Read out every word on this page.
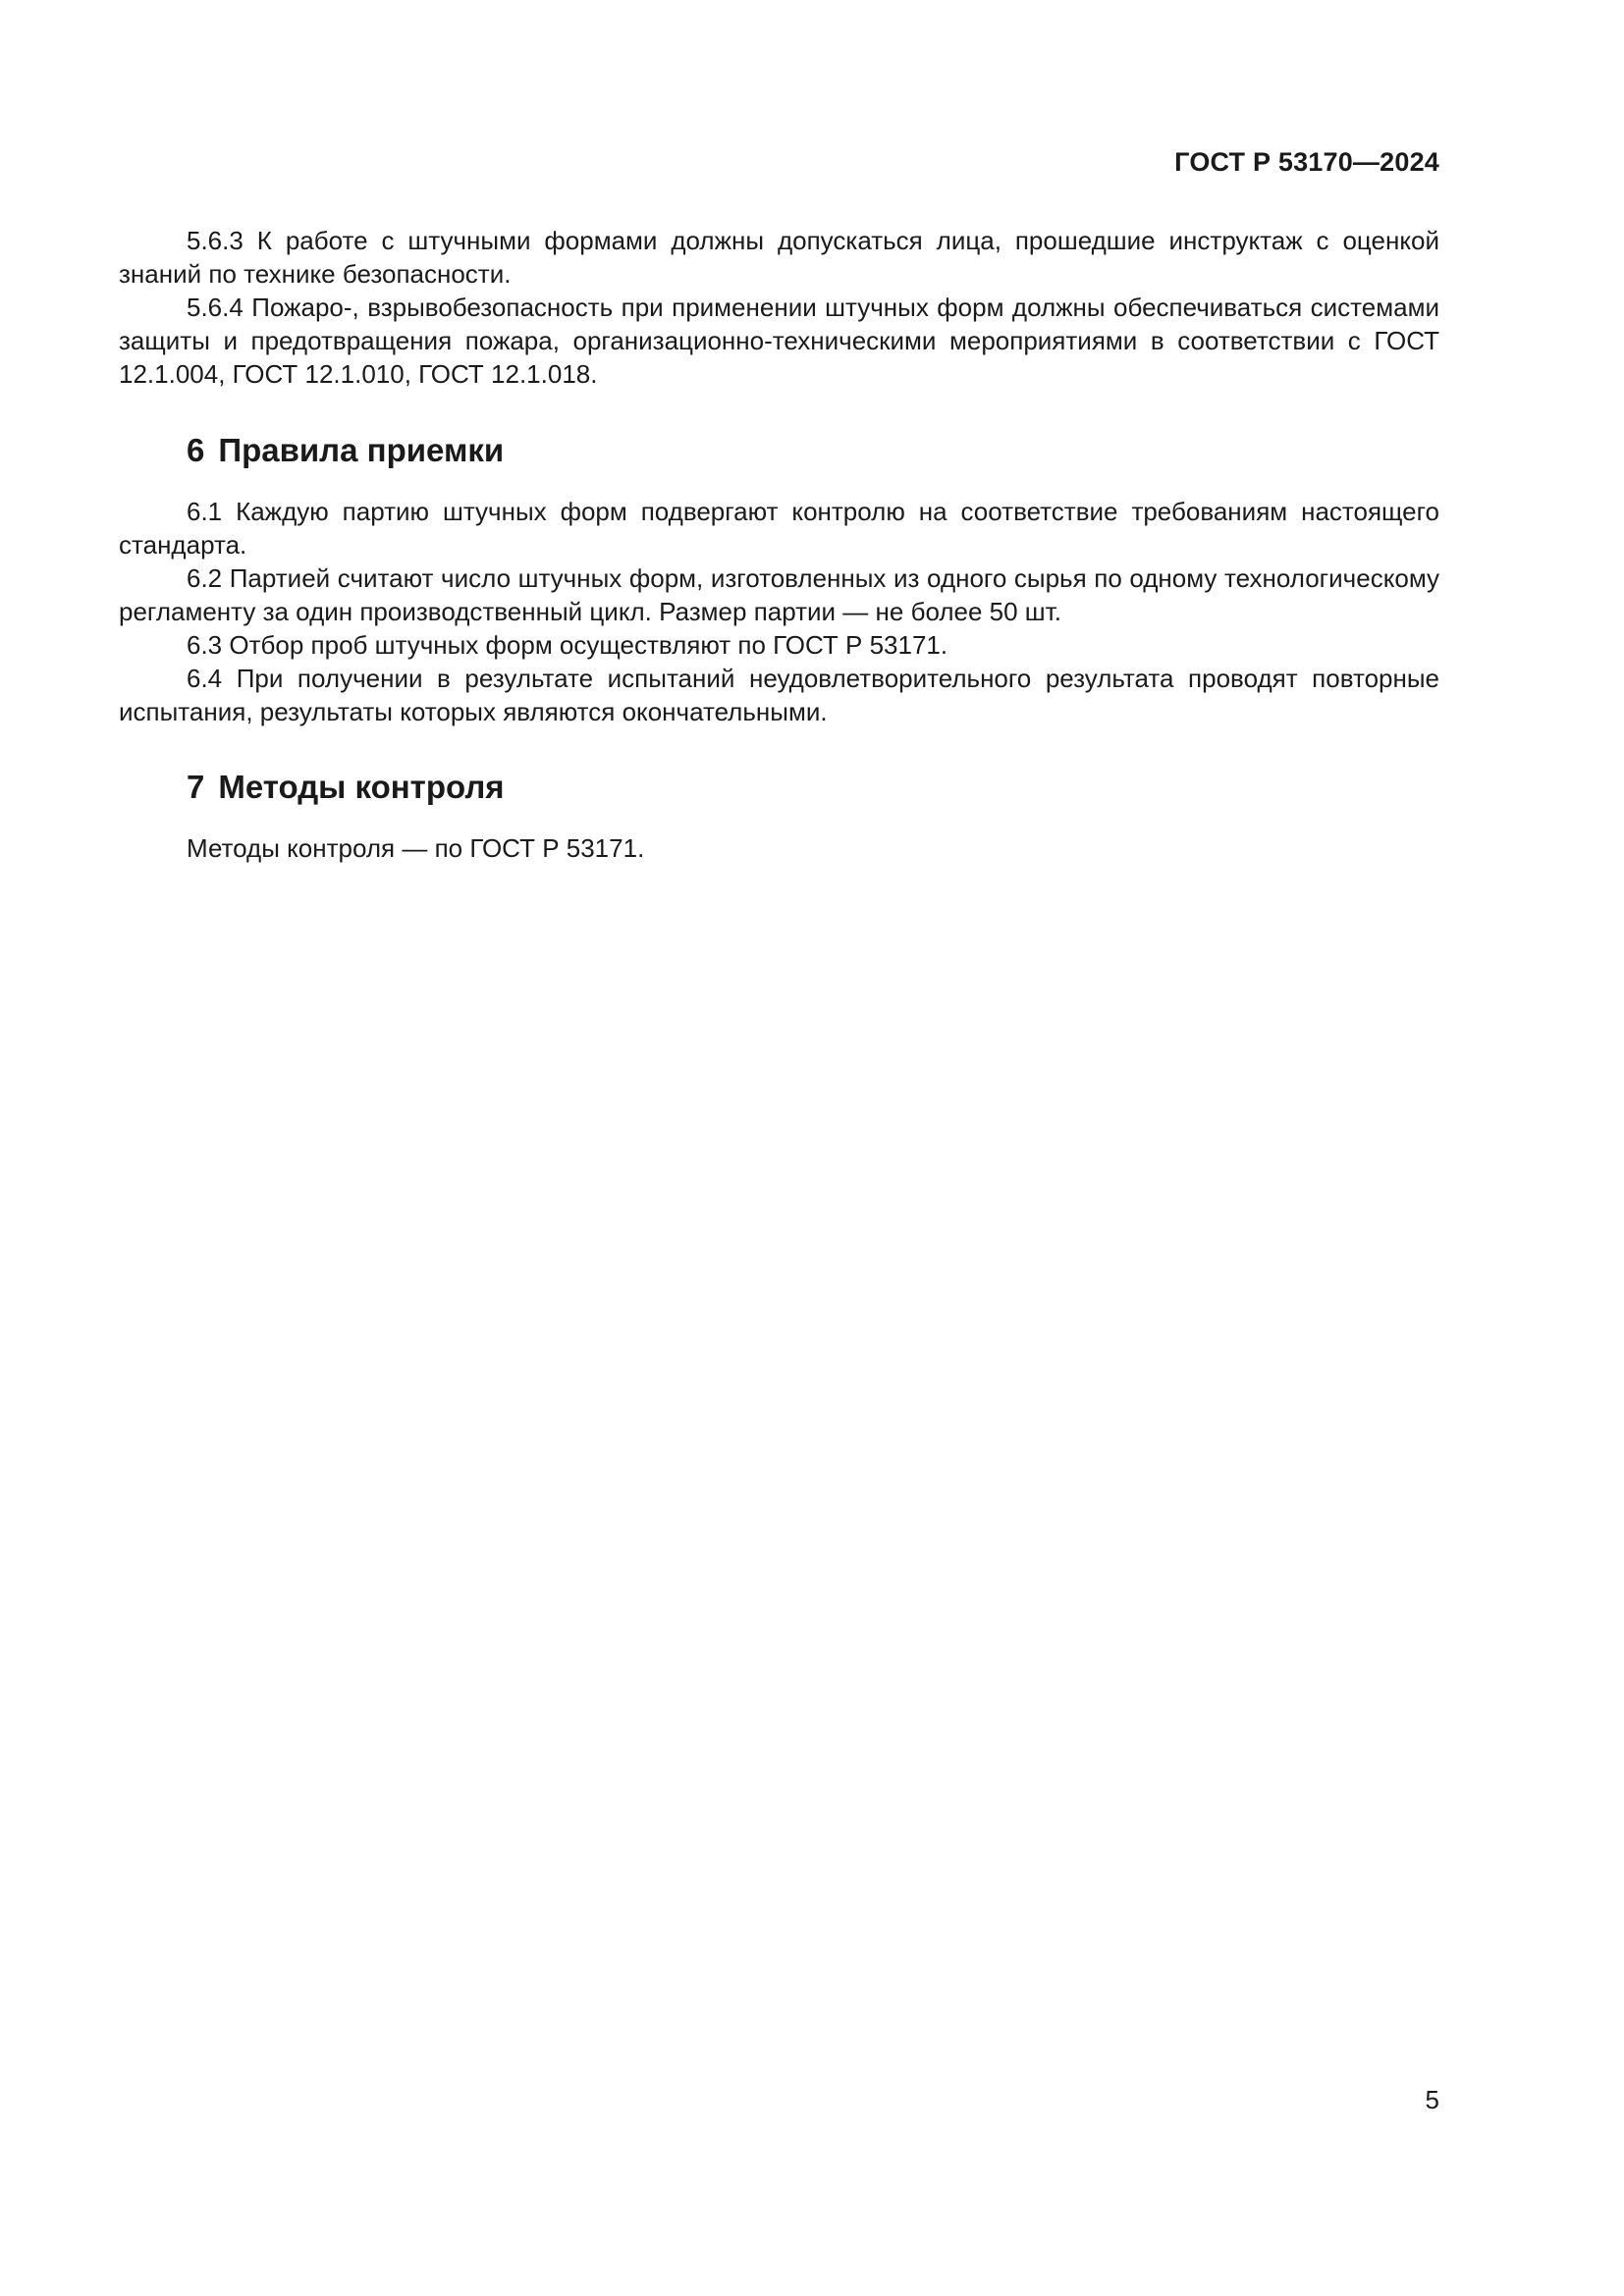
ГОСТ Р 53170—2024

5.6.3 К работе с штучными формами должны допускаться лица, прошедшие инструктаж с оценкой знаний по технике безопасности.

5.6.4 Пожаро-, взрывобезопасность при применении штучных форм должны обеспечиваться системами защиты и предотвращения пожара, организационно-техническими мероприятиями в соответствии с ГОСТ 12.1.004, ГОСТ 12.1.010, ГОСТ 12.1.018.

6 Правила приемки

6.1 Каждую партию штучных форм подвергают контролю на соответствие требованиям настоящего стандарта.

6.2 Партией считают число штучных форм, изготовленных из одного сырья по одному технологическому регламенту за один производственный цикл. Размер партии — не более 50 шт.

6.3 Отбор проб штучных форм осуществляют по ГОСТ Р 53171.

6.4 При получении в результате испытаний неудовлетворительного результата проводят повторные испытания, результаты которых являются окончательными.

7 Методы контроля

Методы контроля — по ГОСТ Р 53171.

5
